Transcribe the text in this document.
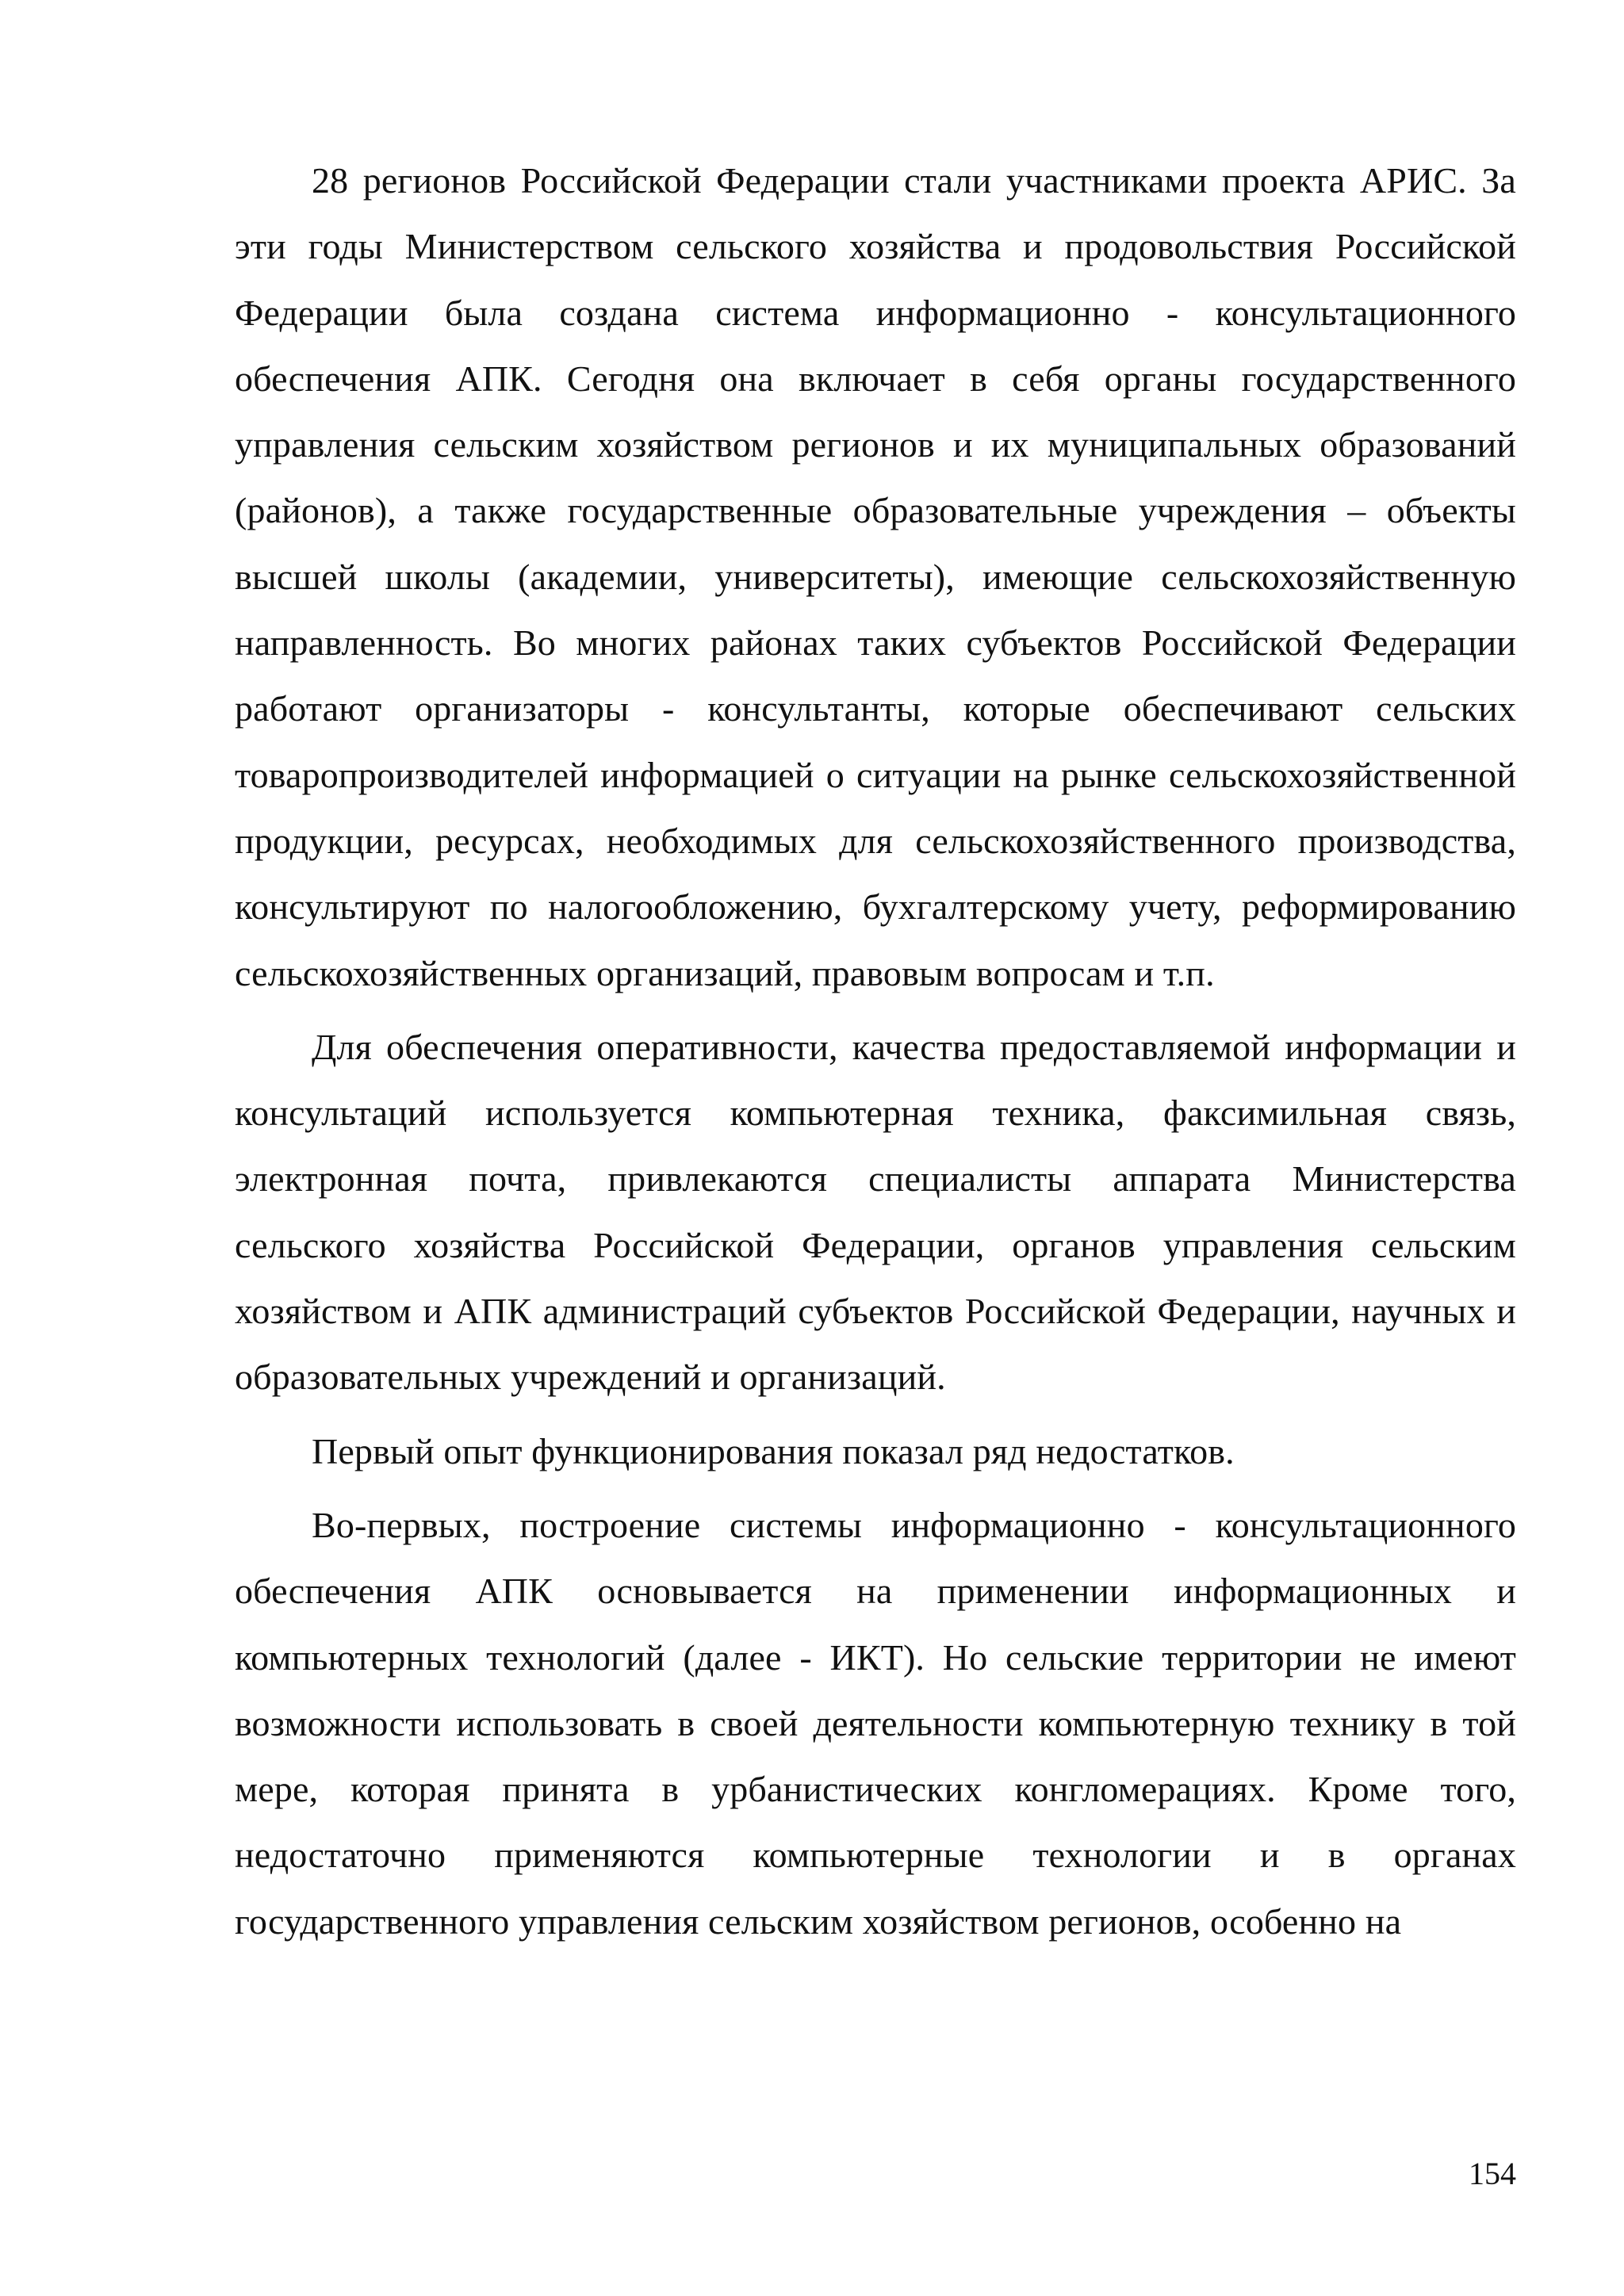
28 регионов Российской Федерации стали участниками проекта АРИС. За эти годы Министерством сельского хозяйства и продовольствия Российской Федерации была создана система информационно - консультационного обеспечения АПК. Сегодня она включает в себя органы государственного управления сельским хозяйством регионов и их муниципальных образований (районов), а также государственные образовательные учреждения – объекты высшей школы (академии, университеты), имеющие сельскохозяйственную направленность. Во многих районах таких субъектов Российской Федерации работают организаторы - консультанты, которые обеспечивают сельских товаропроизводителей информацией о ситуации на рынке сельскохозяйственной продукции, ресурсах, необходимых для сельскохозяйственного производства, консультируют по налогообложению, бухгалтерскому учету, реформированию сельскохозяйственных организаций, правовым вопросам и т.п.

Для обеспечения оперативности, качества предоставляемой информации и консультаций используется компьютерная техника, факсимильная связь, электронная почта, привлекаются специалисты аппарата Министерства сельского хозяйства Российской Федерации, органов управления сельским хозяйством и АПК администраций субъектов Российской Федерации, научных и образовательных учреждений и организаций.

Первый опыт функционирования показал ряд недостатков.

Во-первых, построение системы информационно - консультационного обеспечения АПК основывается на применении информационных и компьютерных технологий (далее - ИКТ). Но сельские территории не имеют возможности использовать в своей деятельности компьютерную технику в той мере, которая принята в урбанистических конгломерациях. Кроме того, недостаточно применяются компьютерные технологии и в органах государственного управления сельским хозяйством регионов, особенно на

154
